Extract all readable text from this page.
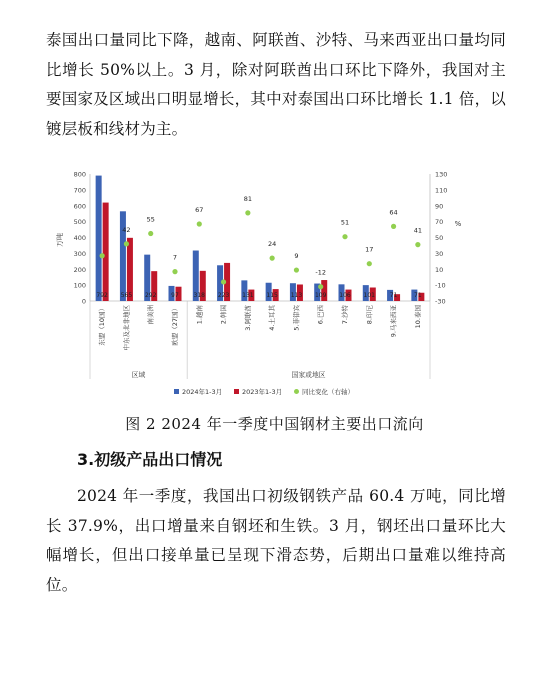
泰国出口量同比下降，越南、阿联酋、沙特、马来西亚出口量均同比增长 50%以上。3 月，除对阿联酋出口环比下降外，我国对主要国家及区域出口明显增长，其中对泰国出口环比增长 1.1 倍，以镀层板和线材为主。

0
100
200
300
400
500
600
700
800
-30
-10
10
30
50
70
90
110
130
万吨
%
792 565 292 97 318 223 131 115 113 109 106 101 71	71
42
55
7
67
81
24
9
-12
51
17
64
41
东盟（10国）	中东及北非地区	南美洲	欧盟（27国）	1.越南	2.韩国	3.阿联酋	4.土耳其	5.菲律宾	6.巴西	7.沙特	8.印尼	9.马来西亚	10.泰国
区域	国家或地区
2024年1-3月	2023年1-3月	同比变化（右轴）
图 2 2024 年一季度中国钢材主要出口流向
3.初级产品出口情况

2024 年一季度，我国出口初级钢铁产品 60.4 万吨，同比增长 37.9%，出口增量来自钢坯和生铁。3 月，钢坯出口量环比大幅增长，但出口接单量已呈现下滑态势，后期出口量难以维持高位。
